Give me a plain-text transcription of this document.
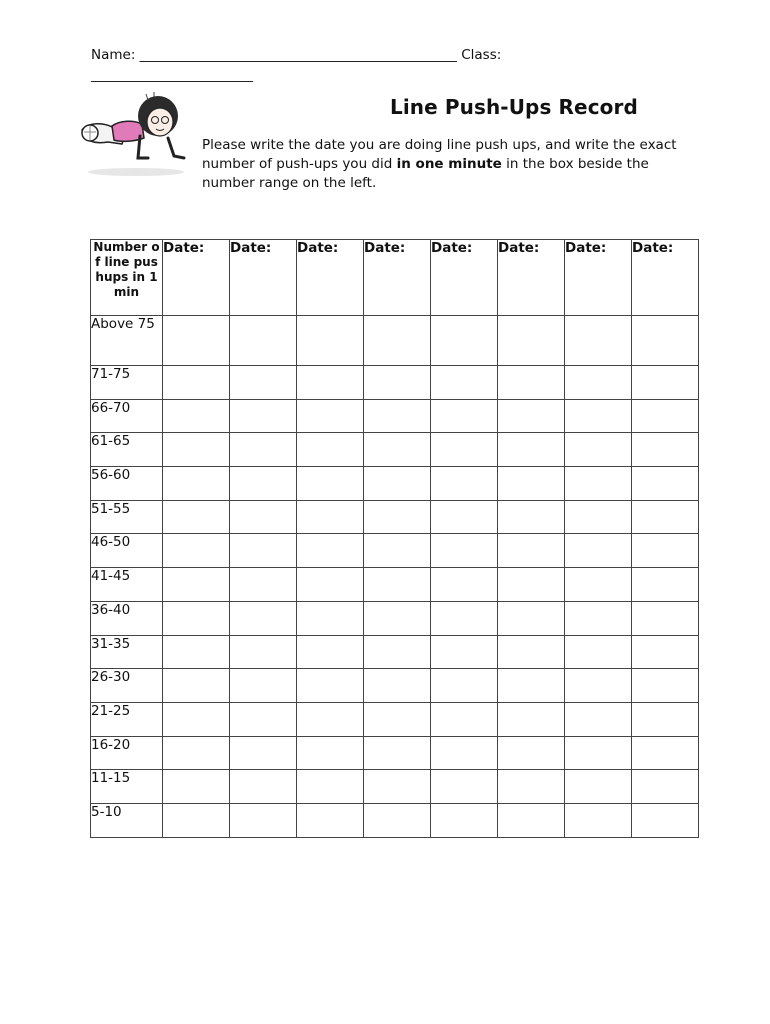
Name: _______________________________________________ Class:
________________________
Line Push-Ups Record
Please write the date you are doing line push ups, and write the exact number of push-ups you did in one minute in the box beside the number range on the left.
Number of line pushups in 1 min	Date:	Date:	Date:	Date:	Date:	Date:	Date:	Date:
Above 75								
71-75								
66-70								
61-65								
56-60								
51-55								
46-50								
41-45								
36-40								
31-35								
26-30								
21-25								
16-20								
11-15								
5-10								
